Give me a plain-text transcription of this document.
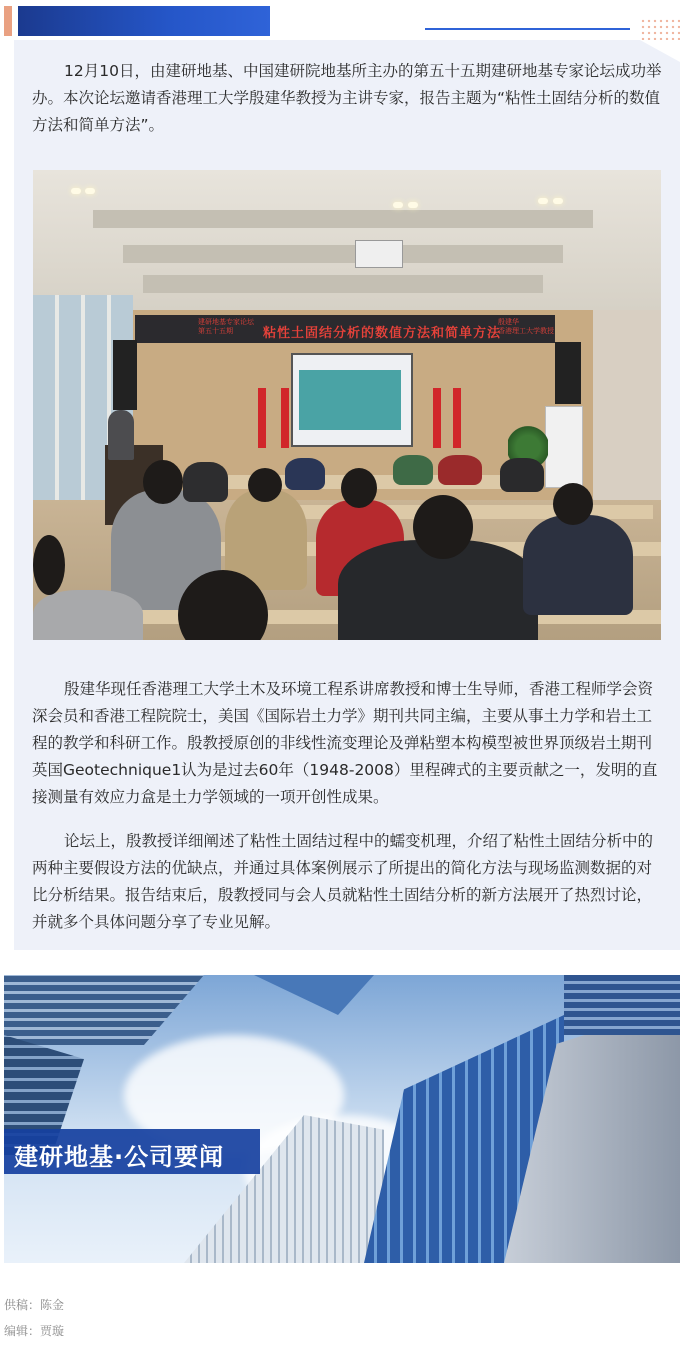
12月10日，由建研地基、中国建研院地基所主办的第五十五期建研地基专家论坛成功举办。本次论坛邀请香港理工大学殷建华教授为主讲专家，报告主题为“粘性土固结分析的数值方法和简单方法”。

粘性土固结分析的数值方法和简单方法
建研地基专家论坛
第五十五期
殷建华
香港理工大学教授

殷建华现任香港理工大学土木及环境工程系讲席教授和博士生导师，香港工程师学会资深会员和香港工程院院士，美国《国际岩土力学》期刊共同主编，主要从事土力学和岩土工程的教学和科研工作。殷教授原创的非线性流变理论及弹粘塑本构模型被世界顶级岩土期刊英国Geotechnique1认为是过去60年（1948-2008）里程碑式的主要贡献之一，发明的直接测量有效应力盒是土力学领域的一项开创性成果。

论坛上，殷教授详细阐述了粘性土固结过程中的蠕变机理，介绍了粘性土固结分析中的两种主要假设方法的优缺点，并通过具体案例展示了所提出的简化方法与现场监测数据的对比分析结果。报告结束后，殷教授同与会人员就粘性土固结分析的新方法展开了热烈讨论，并就多个具体问题分享了专业见解。

建研地基·公司要闻
供稿：陈金
编辑：贾璇
